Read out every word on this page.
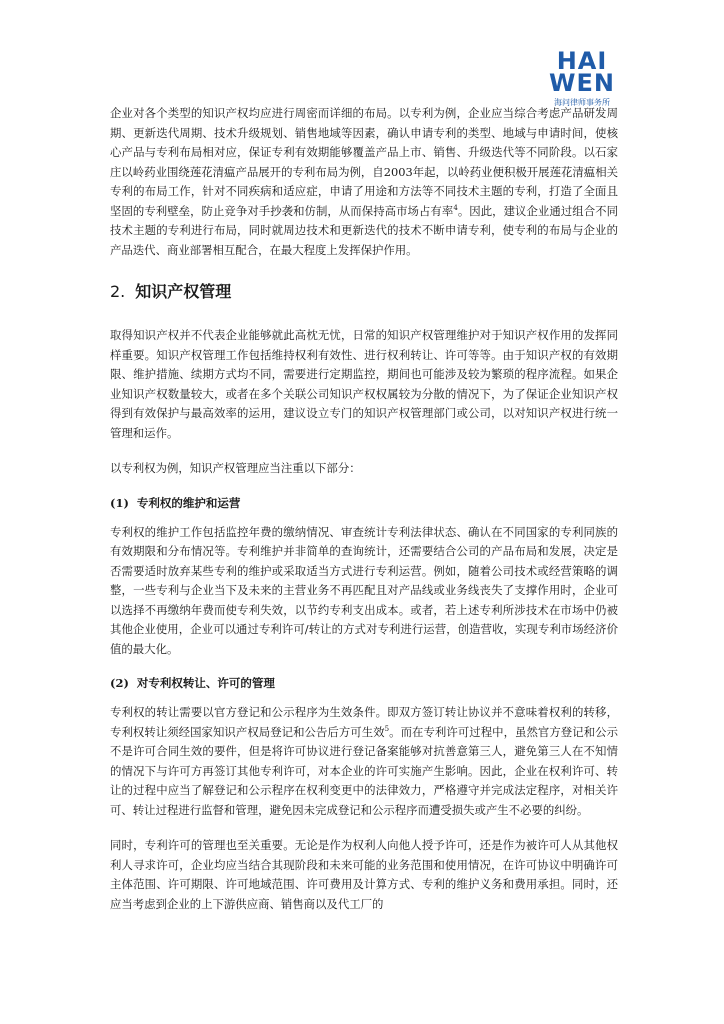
HAI
WEN
海问律师事务所

企业对各个类型的知识产权均应进行周密而详细的布局。以专利为例，企业应当综合考虑产品研发周期、更新迭代周期、技术升级规划、销售地域等因素，确认申请专利的类型、地域与申请时间，使核心产品与专利布局相对应，保证专利有效期能够覆盖产品上市、销售、升级迭代等不同阶段。以石家庄以岭药业围绕莲花清瘟产品展开的专利布局为例，自2003年起，以岭药业便积极开展莲花清瘟相关专利的布局工作，针对不同疾病和适应症，申请了用途和方法等不同技术主题的专利，打造了全面且坚固的专利壁垒，防止竞争对手抄袭和仿制，从而保持高市场占有率$^4$。因此，建议企业通过组合不同技术主题的专利进行布局，同时就周边技术和更新迭代的技术不断申请专利，使专利的布局与企业的产品迭代、商业部署相互配合，在最大程度上发挥保护作用。

2. 知识产权管理

取得知识产权并不代表企业能够就此高枕无忧，日常的知识产权管理维护对于知识产权作用的发挥同样重要。知识产权管理工作包括维持权利有效性、进行权利转让、许可等等。由于知识产权的有效期限、维护措施、续期方式均不同，需要进行定期监控，期间也可能涉及较为繁琐的程序流程。如果企业知识产权数量较大，或者在多个关联公司知识产权权属较为分散的情况下，为了保证企业知识产权得到有效保护与最高效率的运用，建议设立专门的知识产权管理部门或公司，以对知识产权进行统一管理和运作。

以专利权为例，知识产权管理应当注重以下部分：

(1) 专利权的维护和运营

专利权的维护工作包括监控年费的缴纳情况、审查统计专利法律状态、确认在不同国家的专利同族的有效期限和分布情况等。专利维护并非简单的查询统计，还需要结合公司的产品布局和发展，决定是否需要适时放弃某些专利的维护或采取适当方式进行专利运营。例如，随着公司技术或经营策略的调整，一些专利与企业当下及未来的主营业务不再匹配且对产品线或业务线丧失了支撑作用时，企业可以选择不再缴纳年费而使专利失效，以节约专利支出成本。或者，若上述专利所涉技术在市场中仍被其他企业使用，企业可以通过专利许可/转让的方式对专利进行运营，创造营收，实现专利市场经济价值的最大化。

(2) 对专利权转让、许可的管理

专利权的转让需要以官方登记和公示程序为生效条件。即双方签订转让协议并不意味着权利的转移，专利权转让须经国家知识产权局登记和公告后方可生效$^5$。而在专利许可过程中，虽然官方登记和公示不是许可合同生效的要件，但是将许可协议进行登记备案能够对抗善意第三人，避免第三人在不知情的情况下与许可方再签订其他专利许可，对本企业的许可实施产生影响。因此，企业在权利许可、转让的过程中应当了解登记和公示程序在权利变更中的法律效力，严格遵守并完成法定程序，对相关许可、转让过程进行监督和管理，避免因未完成登记和公示程序而遭受损失或产生不必要的纠纷。

同时，专利许可的管理也至关重要。无论是作为权利人向他人授予许可，还是作为被许可人从其他权利人寻求许可，企业均应当结合其现阶段和未来可能的业务范围和使用情况，在许可协议中明确许可主体范围、许可期限、许可地域范围、许可费用及计算方式、专利的维护义务和费用承担。同时，还应当考虑到企业的上下游供应商、销售商以及代工厂的
